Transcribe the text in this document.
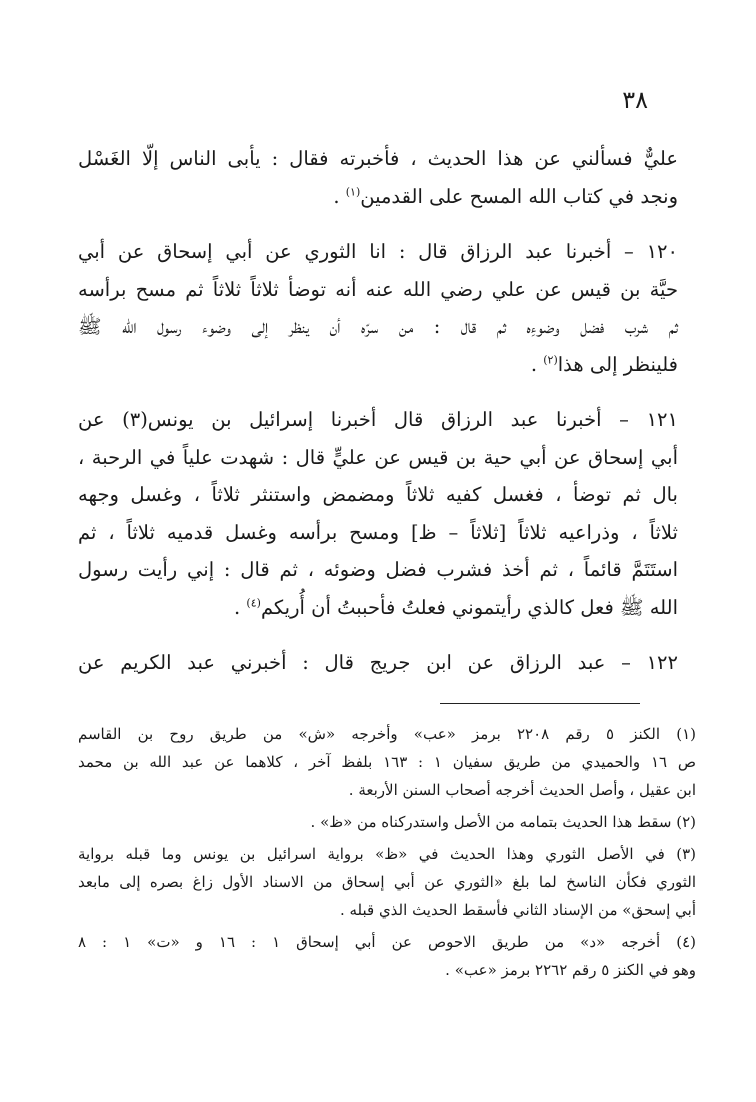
٣٨

عليٌّ فسألني عن هذا الحديث ، فأخبرته فقال : يأبى الناس إلّا الغَسْل
ونجد في كتاب الله المسح على القدمين$^{(١)}$ .

١٢٠ – أخبرنا عبد الرزاق قال : انا الثوري عن أبي إسحاق عن أبي
حيَّة بن قيس عن علي رضي الله عنه أنه توضأ ثلاثاً ثلاثاً ثم مسح برأسه
ثم شرب فضل وضوءِه ثم قال : من سرّه أن ينظر إلى وضوء رسول الله ﷺ
فلينظر إلى هذا$^{(٢)}$ .

١٢١ – أخبرنا عبد الرزاق قال أخبرنا إسرائيل بن يونس(٣) عن
أبي إسحاق عن أبي حية بن قيس عن عليٍّ قال : شهدت علياً في الرحبة ،
بال ثم توضأ ، فغسل كفيه ثلاثاً ومضمض واستنثر ثلاثاً ، وغسل وجهه
ثلاثاً ، وذراعيه ثلاثاً [ثلاثاً – ظ] ومسح برأسه وغسل قدميه ثلاثاً ، ثم
استَتَمَّ قائماً ، ثم أخذ فشرب فضل وضوئه ، ثم قال : إني رأيت رسول
الله ﷺ فعل كالذي رأيتموني فعلتُ فأحببتُ أن أُريكم$^{(٤)}$ .

١٢٢ – عبد الرزاق عن ابن جريج قال : أخبرني عبد الكريم عن

(١) الكنز ٥ رقم ٢٢٠٨ برمز «عب» وأخرجه «ش» من طريق روح بن القاسم
ص ١٦ والحميدي من طريق سفيان ١ : ١٦٣ بلفظ آخر ، كلاهما عن عبد الله بن محمد
ابن عقيل ، وأصل الحديث أخرجه أصحاب السنن الأربعة .

(٢) سقط هذا الحديث بتمامه من الأصل واستدركناه من «ظ» .

(٣) في الأصل الثوري وهذا الحديث في «ظ» برواية اسرائيل بن يونس وما قبله برواية
الثوري فكأن الناسخ لما بلغ «الثوري عن أبي إسحاق من الاسناد الأول زاغ بصره إلى مابعد
أبي إسحق» من الإسناد الثاني فأسقط الحديث الذي قبله .

(٤) أخرجه «د» من طريق الاحوص عن أبي إسحاق ١ : ١٦ و «ت» ١ : ٨
وهو في الكنز ٥ رقم ٢٢٦٢ برمز «عب» .
